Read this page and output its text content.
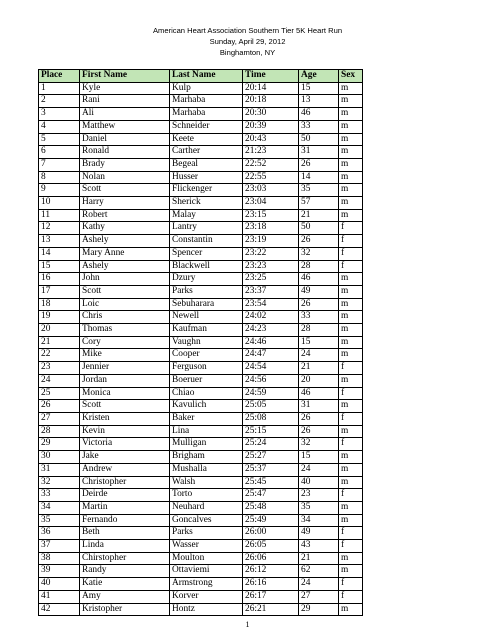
American Heart Association Southern Tier 5K Heart Run
Sunday, April 29, 2012
Binghamton, NY
Place	First Name	Last Name	Time	Age	Sex
1	Kyle	Kulp	20:14	15	m
2	Rani	Marhaba	20:18	13	m
3	Ali	Marhaba	20:30	46	m
4	Matthew	Schneider	20:39	33	m
5	Daniel	Keete	20:43	50	m
6	Ronald	Carther	21:23	31	m
7	Brady	Begeal	22:52	26	m
8	Nolan	Husser	22:55	14	m
9	Scott	Flickenger	23:03	35	m
10	Harry	Sherick	23:04	57	m
11	Robert	Malay	23:15	21	m
12	Kathy	Lantry	23:18	50	f
13	Ashely	Constantin	23:19	26	f
14	Mary Anne	Spencer	23:22	32	f
15	Ashely	Blackwell	23:23	28	f
16	John	Dzury	23:25	46	m
17	Scott	Parks	23:37	49	m
18	Loic	Sebuharara	23:54	26	m
19	Chris	Newell	24:02	33	m
20	Thomas	Kaufman	24:23	28	m
21	Cory	Vaughn	24:46	15	m
22	Mike	Cooper	24:47	24	m
23	Jennier	Ferguson	24:54	21	f
24	Jordan	Boeruer	24:56	20	m
25	Monica	Chiao	24:59	46	f
26	Scott	Kavulich	25:05	31	m
27	Kristen	Baker	25:08	26	f
28	Kevin	Lina	25:15	26	m
29	Victoria	Mulligan	25:24	32	f
30	Jake	Brigham	25:27	15	m
31	Andrew	Mushalla	25:37	24	m
32	Christopher	Walsh	25:45	40	m
33	Deirde	Torto	25:47	23	f
34	Martin	Neuhard	25:48	35	m
35	Fernando	Goncalves	25:49	34	m
36	Beth	Parks	26:00	49	f
37	Linda	Wasser	26:05	43	f
38	Chirstopher	Moulton	26:06	21	m
39	Randy	Ottaviemi	26:12	62	m
40	Katie	Armstrong	26:16	24	f
41	Amy	Korver	26:17	27	f
42	Kristopher	Hontz	26:21	29	m
1
